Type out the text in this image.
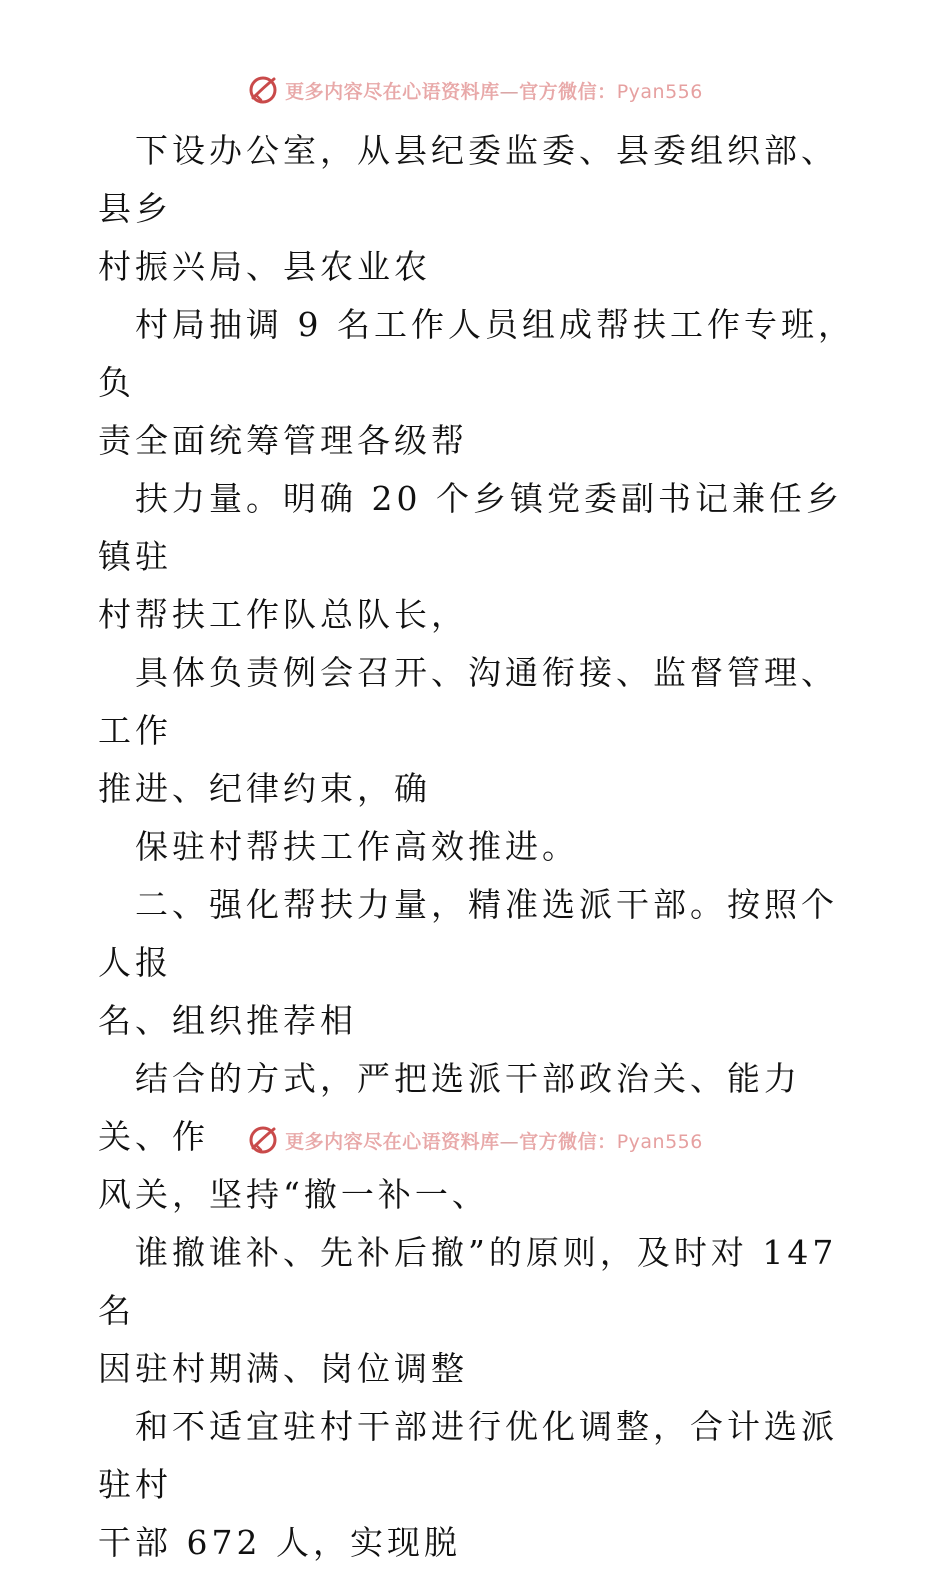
更多内容尽在心语资料库—官方微信：Pyan556

下设办公室，从县纪委监委、县委组织部、县乡
村振兴局、县农业农

村局抽调 9 名工作人员组成帮扶工作专班，负
责全面统筹管理各级帮

扶力量。明确 20 个乡镇党委副书记兼任乡镇驻
村帮扶工作队总队长，

具体负责例会召开、沟通衔接、监督管理、工作
推进、纪律约束，确

保驻村帮扶工作高效推进。

二、强化帮扶力量，精准选派干部。按照个人报
名、组织推荐相

结合的方式，严把选派干部政治关、能力关、作
风关，坚持“撤一补一、

谁撤谁补、先补后撤”的原则，及时对 147 名
因驻村期满、岗位调整

和不适宜驻村干部进行优化调整，合计选派驻村
干部 672 人，实现脱

更多内容尽在心语资料库—官方微信：Pyan556
